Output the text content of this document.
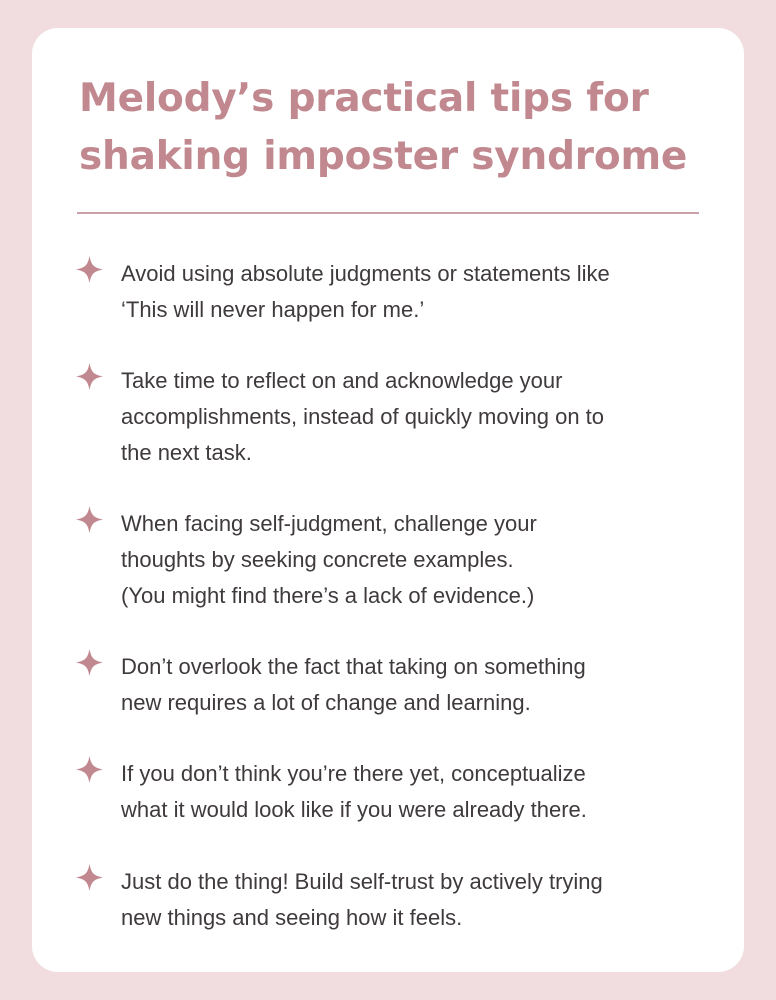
Melody’s practical tips for
shaking imposter syndrome

Avoid using absolute judgments or statements like
‘This will never happen for me.’

Take time to reflect on and acknowledge your
accomplishments, instead of quickly moving on to
the next task.

When facing self-judgment, challenge your
thoughts by seeking concrete examples.
(You might find there’s a lack of evidence.)

Don’t overlook the fact that taking on something
new requires a lot of change and learning.

If you don’t think you’re there yet, conceptualize
what it would look like if you were already there.

Just do the thing! Build self-trust by actively trying
new things and seeing how it feels.
